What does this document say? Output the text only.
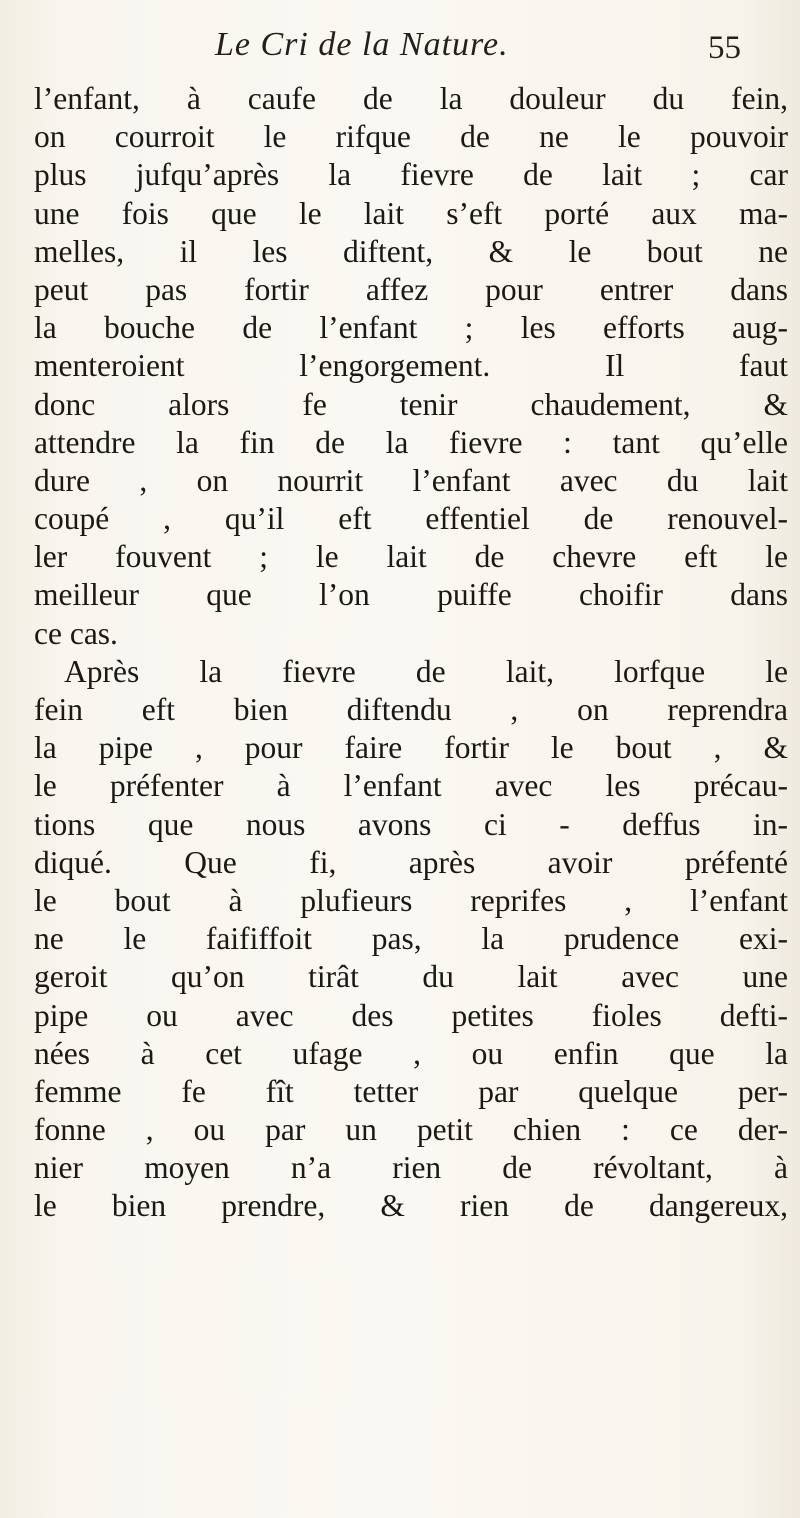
Le Cri de la Nature.	55
l’enfant, à caufe de la douleur du fein,
on courroit le rifque de ne le pouvoir
plus jufqu’après la fievre de lait ; car
une fois que le lait s’eft porté aux ma-
melles, il les diftent, & le bout ne
peut pas fortir affez pour entrer dans
la bouche de l’enfant ; les efforts aug-
menteroient l’engorgement. Il faut
donc alors fe tenir chaudement, &
attendre la fin de la fievre : tant qu’elle
dure , on nourrit l’enfant avec du lait
coupé , qu’il eft effentiel de renouvel-
ler fouvent ; le lait de chevre eft le
meilleur que l’on puiffe choifir dans
ce cas.
Après la fievre de lait, lorfque le
fein eft bien diftendu , on reprendra
la pipe , pour faire fortir le bout , &
le préfenter à l’enfant avec les précau-
tions que nous avons ci - deffus in-
diqué. Que fi, après avoir préfenté
le bout à plufieurs reprifes , l’enfant
ne le faififfoit pas, la prudence exi-
geroit qu’on tirât du lait avec une
pipe ou avec des petites fioles defti-
nées à cet ufage , ou enfin que la
femme fe fît tetter par quelque per-
fonne , ou par un petit chien : ce der-
nier moyen n’a rien de révoltant, à
le bien prendre, & rien de dangereux,
